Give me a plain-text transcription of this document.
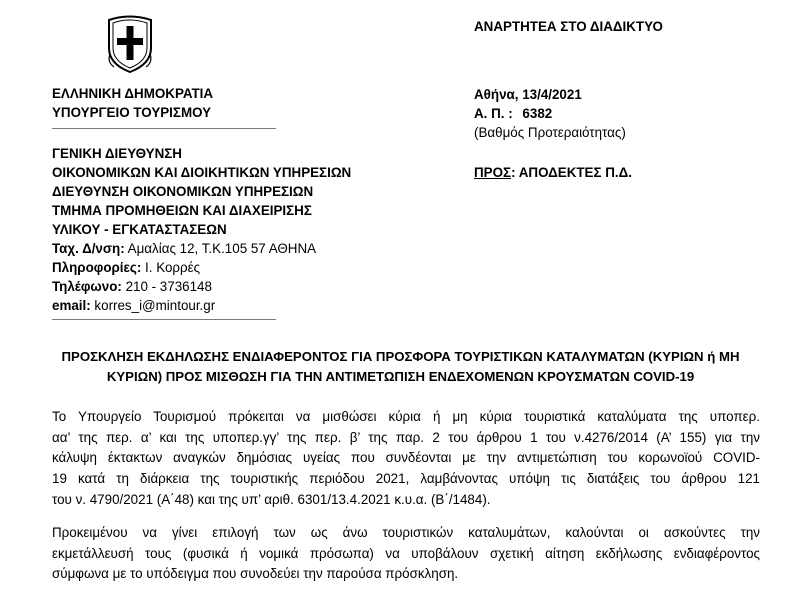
ΕΛΛΗΝΙΚΗ ΔΗΜΟΚΡΑΤΙΑ
ΥΠΟΥΡΓΕΙΟ ΤΟΥΡΙΣΜΟΥ
ΑΝΑΡΤΗΤΕΑ ΣΤΟ ΔΙΑΔΙΚΤΥΟ
Αθήνα, 13/4/2021
Α. Π. : 6382
(Βαθμός Προτεραιότητας)
ΠΡΟΣ: ΑΠΟΔΕΚΤΕΣ Π.Δ.
ΓΕΝΙΚΗ ΔΙΕΥΘΥΝΣΗ
ΟΙΚΟΝΟΜΙΚΩΝ ΚΑΙ ΔΙΟΙΚΗΤΙΚΩΝ ΥΠΗΡΕΣΙΩΝ
ΔΙΕΥΘΥΝΣΗ ΟΙΚΟΝΟΜΙΚΩΝ ΥΠΗΡΕΣΙΩΝ
ΤΜΗΜΑ ΠΡΟΜΗΘΕΙΩΝ ΚΑΙ ΔΙΑΧΕΙΡΙΣΗΣ
ΥΛΙΚΟΥ - ΕΓΚΑΤΑΣΤΑΣΕΩΝ
Ταχ. Δ/νση: Αμαλίας 12, Τ.Κ.105 57 ΑΘΗΝΑ
Πληροφορίες: Ι. Κορρές
Τηλέφωνο: 210 - 3736148
email: korres_i@mintour.gr
ΠΡΟΣΚΛΗΣΗ ΕΚΔΗΛΩΣΗΣ ΕΝΔΙΑΦΕΡΟΝΤΟΣ ΓΙΑ ΠΡΟΣΦΟΡΑ ΤΟΥΡΙΣΤΙΚΩΝ ΚΑΤΑΛΥΜΑΤΩΝ (ΚΥΡΙΩΝ ή ΜΗ
ΚΥΡΙΩΝ) ΠΡΟΣ ΜΙΣΘΩΣΗ ΓΙΑ ΤΗΝ ΑΝΤΙΜΕΤΩΠΙΣΗ ΕΝΔΕΧΟΜΕΝΩΝ ΚΡΟΥΣΜΑΤΩΝ COVID-19
Το Υπουργείο Τουρισμού πρόκειται να μισθώσει κύρια ή μη κύρια τουριστικά καταλύματα της υποπερ.
αα’ της περ. α’ και της υποπερ.γγ’ της περ. β’ της παρ. 2 του άρθρου 1 του ν.4276/2014 (Α’ 155) για την
κάλυψη έκτακτων αναγκών δημόσιας υγείας που συνδέονται με την αντιμετώπιση του κορωνοϊού COVID-
19 κατά τη διάρκεια της τουριστικής περιόδου 2021, λαμβάνοντας υπόψη τις διατάξεις του άρθρου 121
του ν. 4790/2021 (Α΄48) και της υπ’ αριθ. 6301/13.4.2021 κ.υ.α. (Β΄/1484).
Προκειμένου να γίνει επιλογή των ως άνω τουριστικών καταλυμάτων, καλούνται οι ασκούντες την
εκμετάλλευσή τους (φυσικά ή νομικά πρόσωπα) να υποβάλουν σχετική αίτηση εκδήλωσης ενδιαφέροντος
σύμφωνα με το υπόδειγμα που συνοδεύει την παρούσα πρόσκληση.
